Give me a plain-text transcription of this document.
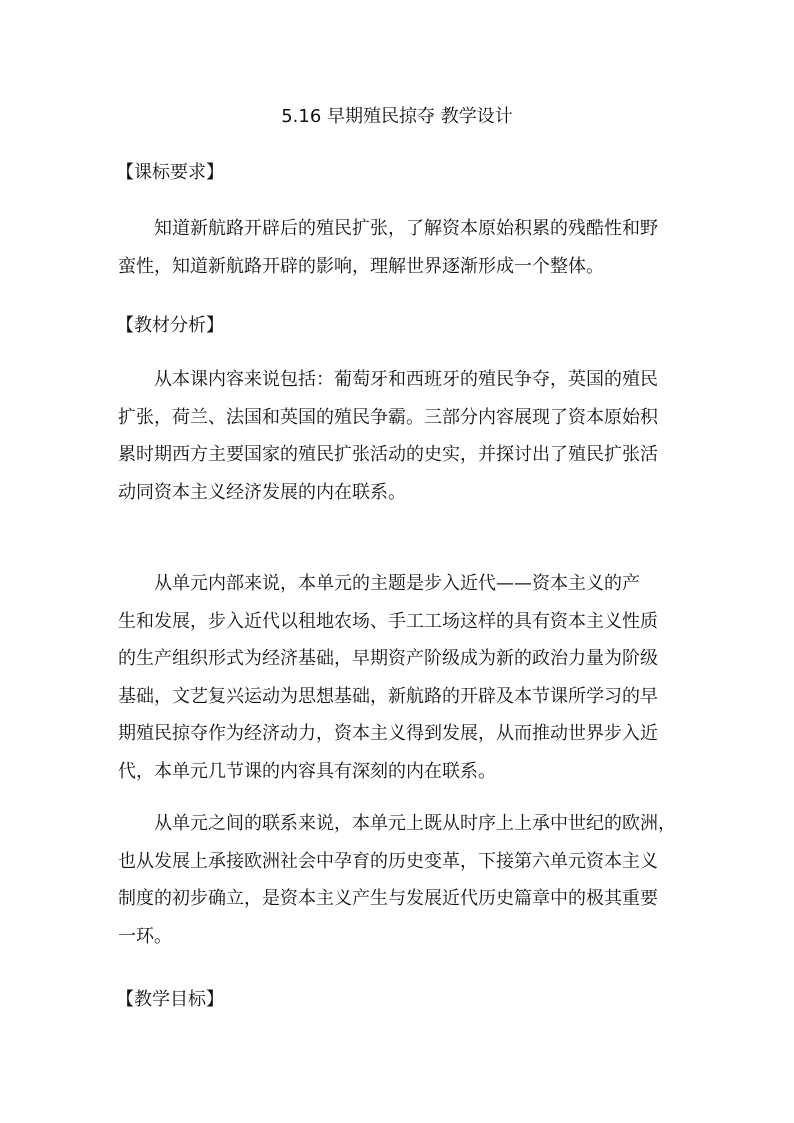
5.16 早期殖民掠夺 教学设计
【课标要求】

知道新航路开辟后的殖民扩张，了解资本原始积累的残酷性和野
蛮性，知道新航路开辟的影响，理解世界逐渐形成一个整体。

【教材分析】

从本课内容来说包括：葡萄牙和西班牙的殖民争夺，英国的殖民
扩张，荷兰、法国和英国的殖民争霸。三部分内容展现了资本原始积
累时期西方主要国家的殖民扩张活动的史实，并探讨出了殖民扩张活
动同资本主义经济发展的内在联系。

从单元内部来说，本单元的主题是步入近代——资本主义的产
生和发展，步入近代以租地农场、手工工场这样的具有资本主义性质
的生产组织形式为经济基础，早期资产阶级成为新的政治力量为阶级
基础，文艺复兴运动为思想基础，新航路的开辟及本节课所学习的早
期殖民掠夺作为经济动力，资本主义得到发展，从而推动世界步入近
代，本单元几节课的内容具有深刻的内在联系。

从单元之间的联系来说，本单元上既从时序上上承中世纪的欧洲，
也从发展上承接欧洲社会中孕育的历史变革，下接第六单元资本主义
制度的初步确立，是资本主义产生与发展近代历史篇章中的极其重要
一环。

【教学目标】
